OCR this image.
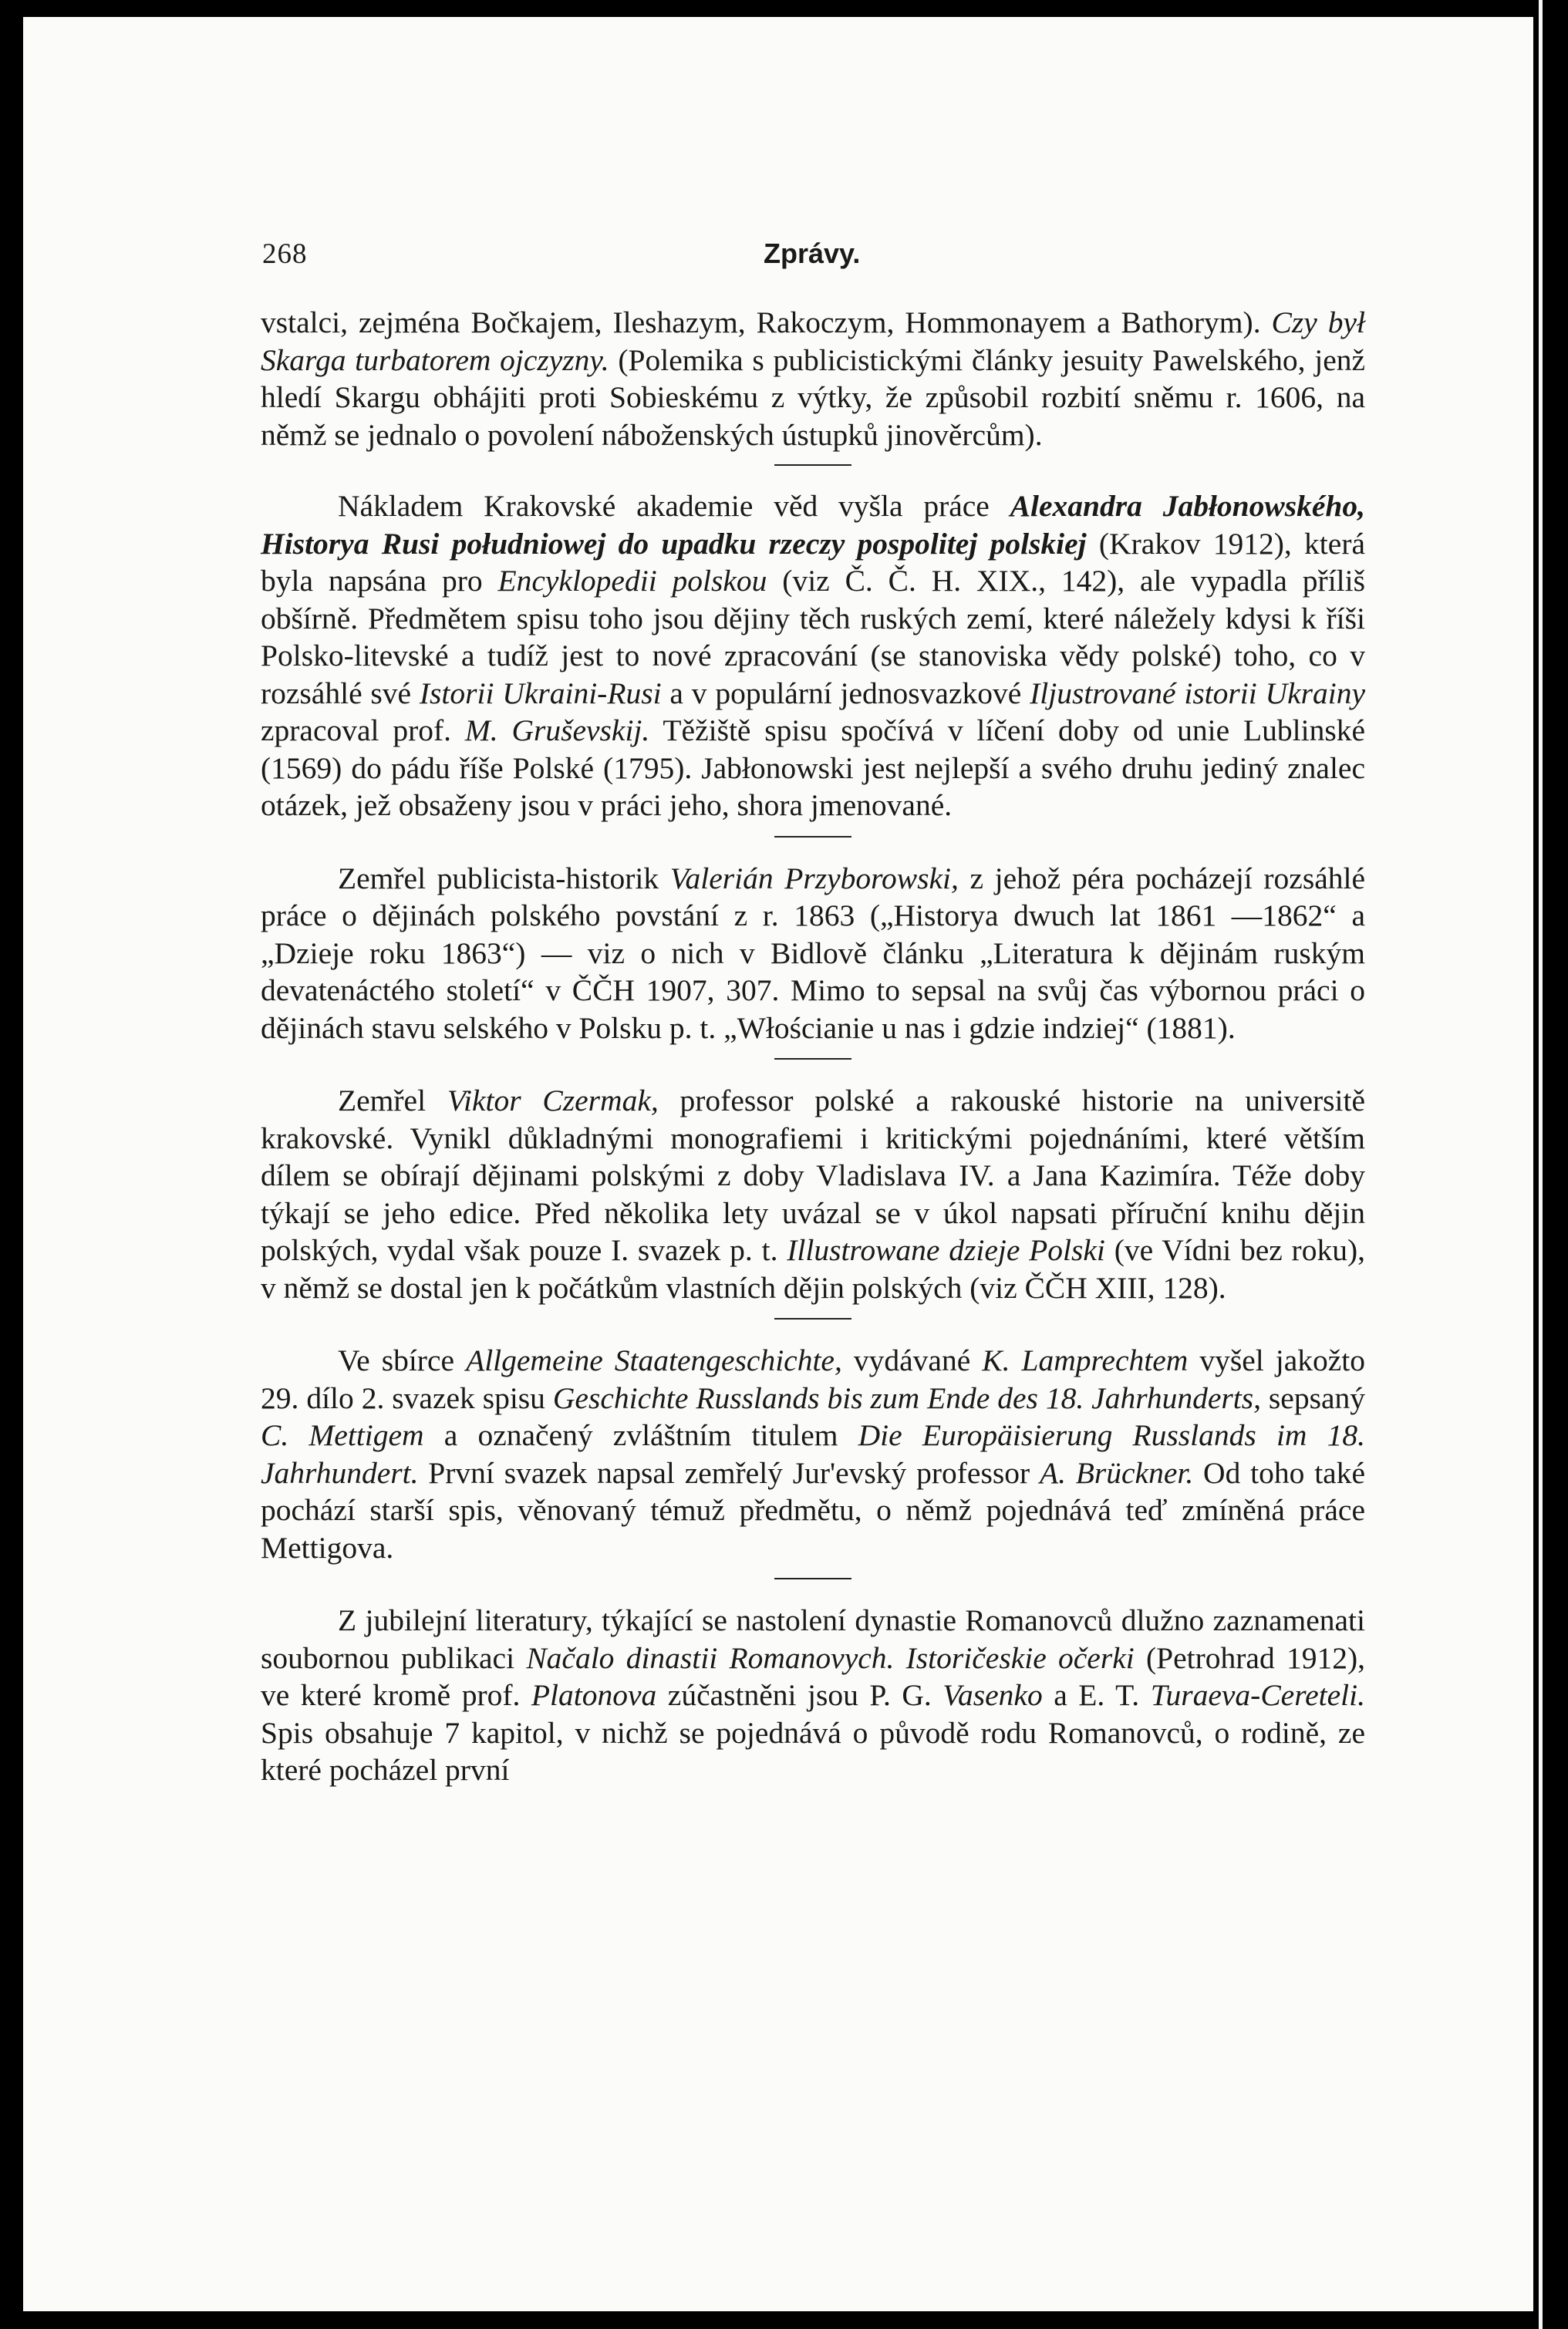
268	Zprávy.

vstalci, zejména Bočkajem, Ileshazym, Rakoczym, Hommonayem a Bathorym). Czy był Skarga turbatorem ojczyzny. (Polemika s publicistickými články jesuity Pawelského, jenž hledí Skargu obhájiti proti Sobieskému z výtky, že způsobil rozbití sněmu r. 1606, na němž se jednalo o povolení náboženských ústupků jinověrcům).

Nákladem Krakovské akademie věd vyšla práce Alexandra Jabłonowského, Historya Rusi południowej do upadku rzeczy pospolitej polskiej (Krakov 1912), která byla napsána pro Encyklopedii polskou (viz Č. Č. H. XIX., 142), ale vypadla příliš obšírně. Předmětem spisu toho jsou dějiny těch ruských zemí, které náležely kdysi k říši Polsko-litevské a tudíž jest to nové zpracování (se stanoviska vědy polské) toho, co v rozsáhlé své Istorii Ukraini-Rusi a v populární jednosvazkové Iljustrované istorii Ukrainy zpracoval prof. M. Gruševskij. Těžiště spisu spočívá v líčení doby od unie Lublinské (1569) do pádu říše Polské (1795). Jabłonowski jest nejlepší a svého druhu jediný znalec otázek, jež obsaženy jsou v práci jeho, shora jmenované.

Zemřel publicista-historik Valerián Przyborowski, z jehož péra pocházejí rozsáhlé práce o dějinách polského povstání z r. 1863 („Historya dwuch lat 1861 —1862“ a „Dzieje roku 1863“) — viz o nich v Bidlově článku „Literatura k dějinám ruským devatenáctého století“ v ČČH 1907, 307. Mimo to sepsal na svůj čas výbornou práci o dějinách stavu selského v Polsku p. t. „Włościanie u nas i gdzie indziej“ (1881).

Zemřel Viktor Czermak, professor polské a rakouské historie na universitě krakovské. Vynikl důkladnými monografiemi i kritickými pojednáními, které větším dílem se obírají dějinami polskými z doby Vladislava IV. a Jana Kazimíra. Téže doby týkají se jeho edice. Před několika lety uvázal se v úkol napsati příruční knihu dějin polských, vydal však pouze I. svazek p. t. Illustrowane dzieje Polski (ve Vídni bez roku), v němž se dostal jen k počátkům vlastních dějin polských (viz ČČH XIII, 128).

Ve sbírce Allgemeine Staatengeschichte, vydávané K. Lamprechtem vyšel jakožto 29. dílo 2. svazek spisu Geschichte Russlands bis zum Ende des 18. Jahrhunderts, sepsaný C. Mettigem a označený zvláštním titulem Die Europäisierung Russlands im 18. Jahrhundert. První svazek napsal zemřelý Jur'evský professor A. Brückner. Od toho také pochází starší spis, věnovaný témuž předmětu, o němž pojednává teď zmíněná práce Mettigova.

Z jubilejní literatury, týkající se nastolení dynastie Romanovců dlužno zaznamenati soubornou publikaci Načalo dinastii Romanovych. Istoričeskie očerki (Petrohrad 1912), ve které kromě prof. Platonova zúčastněni jsou P. G. Vasenko a E. T. Turaeva-Cereteli. Spis obsahuje 7 kapitol, v nichž se pojednává o původě rodu Romanovců, o rodině, ze které pocházel první
